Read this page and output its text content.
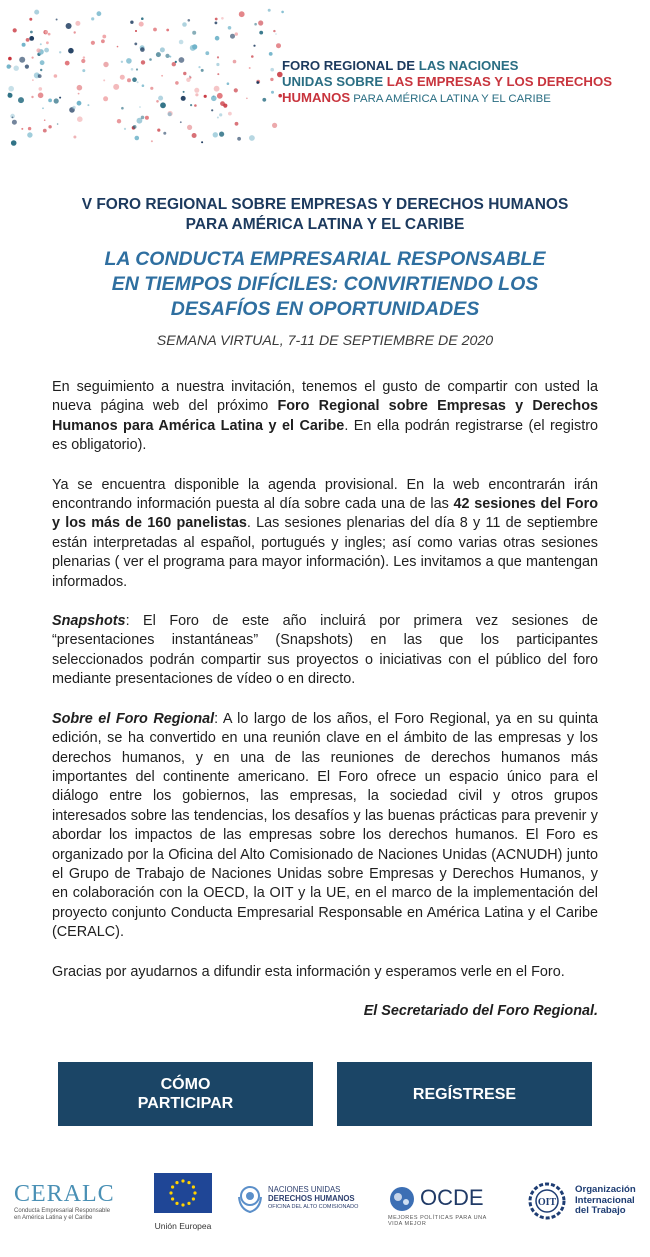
FORO REGIONAL DE LAS NACIONES
UNIDAS SOBRE LAS EMPRESAS Y LOS DERECHOS
HUMANOS PARA AMÉRICA LATINA Y EL CARIBE
V FORO REGIONAL SOBRE EMPRESAS Y DERECHOS HUMANOS
PARA AMÉRICA LATINA Y EL CARIBE
LA CONDUCTA EMPRESARIAL RESPONSABLE
EN TIEMPOS DIFÍCILES: CONVIRTIENDO LOS
DESAFÍOS EN OPORTUNIDADES
SEMANA VIRTUAL, 7-11 DE SEPTIEMBRE DE 2020

En seguimiento a nuestra invitación, tenemos el gusto de compartir con usted la nueva página web del próximo Foro Regional sobre Empresas y Derechos Humanos para América Latina y el Caribe. En ella podrán registrarse (el registro es obligatorio).

Ya se encuentra disponible la agenda provisional. En la web encontrarán irán encontrando información puesta al día sobre cada una de las 42 sesiones del Foro y los más de 160 panelistas. Las sesiones plenarias del día 8 y 11 de septiembre están interpretadas al español, portugués y ingles; así como varias otras sesiones plenarias ( ver el programa para mayor información). Les invitamos a que mantengan informados.

Snapshots: El Foro de este año incluirá por primera vez sesiones de “presentaciones instantáneas” (Snapshots) en las que los participantes seleccionados podrán compartir sus proyectos o iniciativas con el público del foro mediante presentaciones de vídeo o en directo.

Sobre el Foro Regional: A lo largo de los años, el Foro Regional, ya en su quinta edición, se ha convertido en una reunión clave en el ámbito de las empresas y los derechos humanos, y en una de las reuniones de derechos humanos más importantes del continente americano. El Foro ofrece un espacio único para el diálogo entre los gobiernos, las empresas, la sociedad civil y otros grupos interesados sobre las tendencias, los desafíos y las buenas prácticas para prevenir y abordar los impactos de las empresas sobre los derechos humanos. El Foro es organizado por la Oficina del Alto Comisionado de Naciones Unidas (ACNUDH) junto el Grupo de Trabajo de Naciones Unidas sobre Empresas y Derechos Humanos, y en colaboración con la OECD, la OIT y la UE, en el marco de la implementación del proyecto conjunto Conducta Empresarial Responsable en América Latina y el Caribe (CERALC).

Gracias por ayudarnos a difundir esta información y esperamos verle en el Foro.

El Secretariado del Foro Regional.

CÓMO
PARTICIPAR
REGÍSTRESE
CERALC
Conducta Empresarial Responsable
en América Latina y el Caribe
Unión Europea
NACIONES UNIDAS
DERECHOS HUMANOS
OFICINA DEL ALTO COMISIONADO	OCDE
MEJORES POLÍTICAS PARA UNA VIDA MEJOR
OIT
Organización
Internacional
del Trabajo
